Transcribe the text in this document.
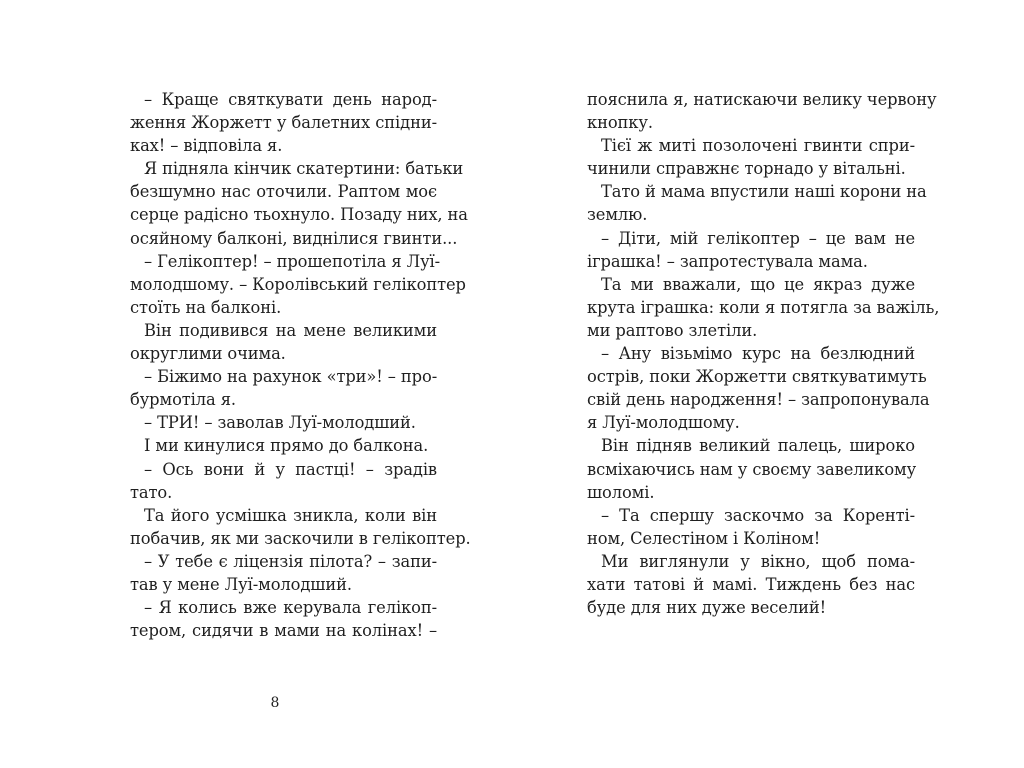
– Краще святкувати день народ-
ження Жоржетт у балетних спідни-
ках! – відповіла я.
Я підняла кінчик скатертини: батьки
безшумно нас оточили. Раптом моє
серце радісно тьохнуло. Позаду них, на
осяйному балконі, виднілися гвинти...
– Гелікоптер! – прошепотіла я Луї-
молодшому. – Королівський гелікоптер
стоїть на балконі.
Він подивився на мене великими
округлими очима.
– Біжимо на рахунок «три»! – про-
бурмотіла я.
– ТРИ! – заволав Луї-молодший.
І ми кинулися прямо до балкона.
– Ось вони й у пастці! – зрадів
тато.
Та його усмішка зникла, коли він
побачив, як ми заскочили в гелікоптер.
– У тебе є ліцензія пілота? – запи-
тав у мене Луї-молодший.
– Я колись вже керувала гелікоп-
тером, сидячи в мами на колінах! –
8
пояснила я, натискаючи велику червону
кнопку.
Тієї ж миті позолочені гвинти спри-
чинили справжнє торнадо у вітальні.
Тато й мама впустили наші корони на
землю.
– Діти, мій гелікоптер – це вам не
іграшка! – запротестувала мама.
Та ми вважали, що це якраз дуже
крута іграшка: коли я потягла за важіль,
ми раптово злетіли.
– Ану візьмімо курс на безлюдний
острів, поки Жоржетти святкуватимуть
свій день народження! – запропонувала
я Луї-молодшому.
Він підняв великий палець, широко
всміхаючись нам у своєму завеликому
шоломі.
– Та спершу заскочмо за Корентi-
ном, Селестіном і Коліном!
Ми виглянули у вікно, щоб пома-
хати татові й мамі. Тиждень без нас
буде для них дуже веселий!
